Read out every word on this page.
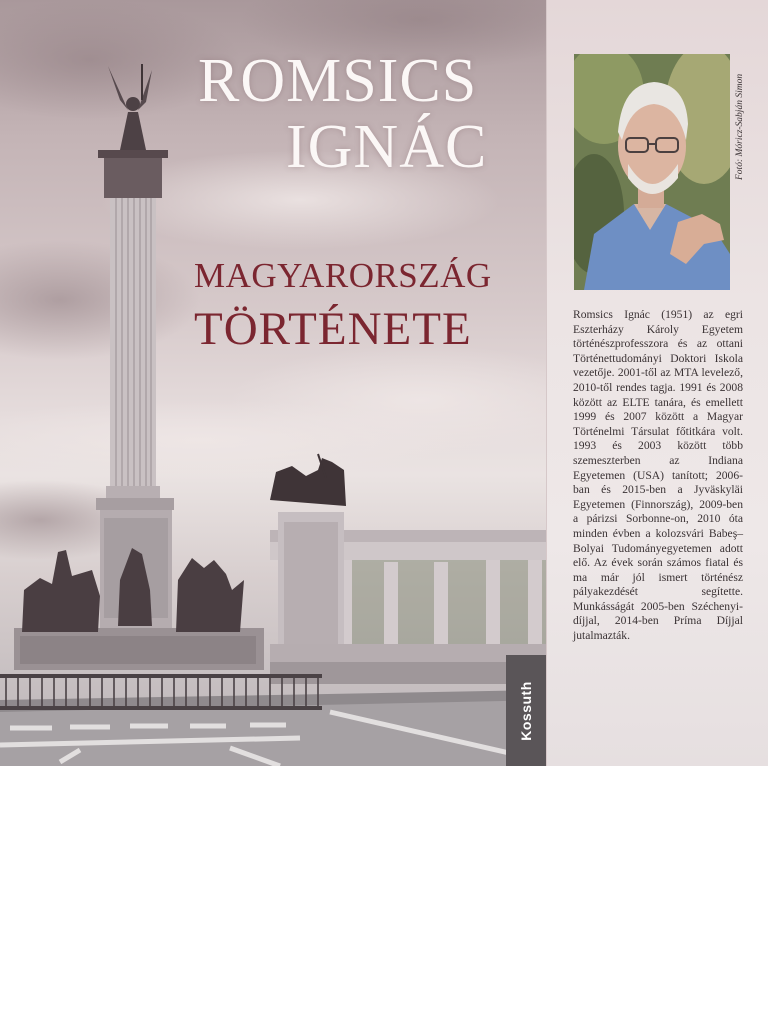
ROMSICS
IGNÁC
MAGYARORSZÁG
TÖRTÉNETE
Kossuth
Fotó: Móricz-Sabján Simon
Romsics Ignác (1951) az egri Eszterházy Károly Egyetem történészprofesszora és az ottani Történettudományi Doktori Iskola vezetője. 2001-től az MTA levelező, 2010-től rendes tagja. 1991 és 2008 között az ELTE tanára, és emellett 1999 és 2007 között a Magyar Történelmi Társulat főtitkára volt. 1993 és 2003 között több szemeszterben az Indiana Egyetemen (USA) tanított; 2006-ban és 2015-ben a Jyväskyläi Egyetemen (Finnország), 2009-ben a párizsi Sorbonne-on, 2010 óta minden évben a kolozsvári Babeş–Bolyai Tudományegyetemen adott elő. Az évek során számos fiatal és ma már jól ismert történész pályakezdését segítette. Munkásságát 2005-ben Széchenyi-díjjal, 2014-ben Príma Díjjal jutalmazták.
